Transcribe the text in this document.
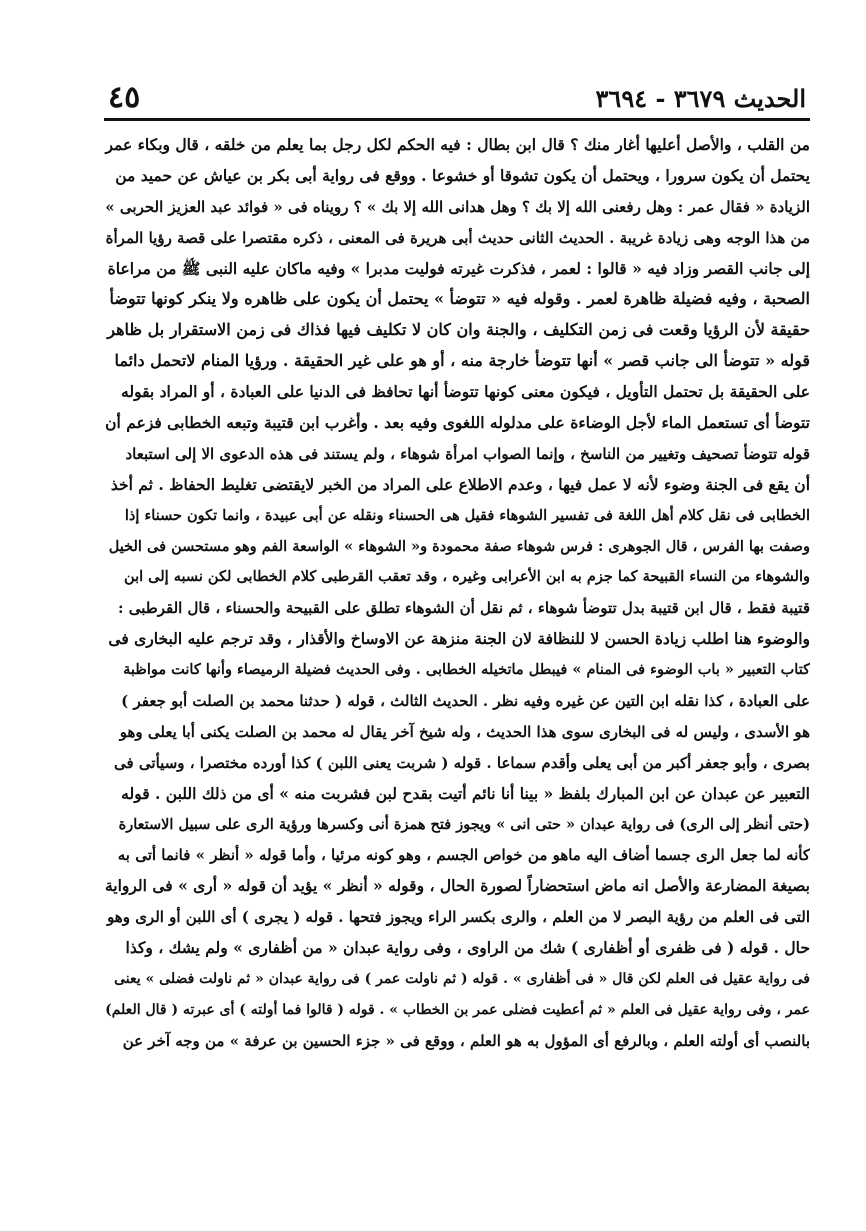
٤٥	الحديث ٣٦٧٩ - ٣٦٩٤
من القلب ، والأصل أعليها أغار منك ؟ قال ابن بطال : فيه الحكم لكل رجل بما يعلم من خلقه ، قال وبكاء عمر
يحتمل أن يكون سرورا ، ويحتمل أن يكون تشوقا أو خشوعا . ووقع فى رواية أبى بكر بن عياش عن حميد من
الزيادة « فقال عمر : وهل رفعنى الله إلا بك ؟ وهل هدانى الله إلا بك » ؟ رويناه فى « فوائد عبد العزيز الحربى »
من هذا الوجه وهى زيادة غريبة . الحديث الثانى حديث أبى هريرة فى المعنى ، ذكره مقتصرا على قصة رؤيا المرأة
إلى جانب القصر وزاد فيه « قالوا : لعمر ، فذكرت غيرته فوليت مدبرا » وفيه ماكان عليه النبى ﷺ من مراعاة
الصحبة ، وفيه فضيلة ظاهرة لعمر . وقوله فيه « تتوضأ » يحتمل أن يكون على ظاهره ولا ينكر كونها تتوضأ
حقيقة لأن الرؤيا وقعت فى زمن التكليف ، والجنة وان كان لا تكليف فيها فذاك فى زمن الاستقرار بل ظاهر
قوله « تتوضأ الى جانب قصر » أنها تتوضأ خارجة منه ، أو هو على غير الحقيقة . ورؤيا المنام لاتحمل دائما
على الحقيقة بل تحتمل التأويل ، فيكون معنى كونها تتوضأ أنها تحافظ فى الدنيا على العبادة ، أو المراد بقوله
تتوضأ أى تستعمل الماء لأجل الوضاءة على مدلوله اللغوى وفيه بعد . وأغرب ابن قتيبة وتبعه الخطابى فزعم أن
قوله تتوضأ تصحيف وتغيير من الناسخ ، وإنما الصواب امرأة شوهاء ، ولم يستند فى هذه الدعوى الا إلى استبعاد
أن يقع فى الجنة وضوء لأنه لا عمل فيها ، وعدم الاطلاع على المراد من الخبر لايقتضى تغليط الحفاظ . ثم أخذ
الخطابى فى نقل كلام أهل اللغة فى تفسير الشوهاء فقيل هى الحسناء ونقله عن أبى عبيدة ، وانما تكون حسناء إذا
وصفت بها الفرس ، قال الجوهرى : فرس شوهاء صفة محمودة و« الشوهاء » الواسعة الفم وهو مستحسن فى الخيل
والشوهاء من النساء القبيحة كما جزم به ابن الأعرابى وغيره ، وقد تعقب القرطبى كلام الخطابى لكن نسبه إلى ابن
قتيبة فقط ، قال ابن قتيبة بدل تتوضأ شوهاء ، ثم نقل أن الشوهاء تطلق على القبيحة والحسناء ، قال القرطبى :
والوضوء هنا اطلب زيادة الحسن لا للنظافة لان الجنة منزهة عن الاوساخ والأقذار ، وقد ترجم عليه البخارى فى
كتاب التعبير « باب الوضوء فى المنام » فيبطل ماتخيله الخطابى . وفى الحديث فضيلة الرميصاء وأنها كانت مواظبة
على العبادة ، كذا نقله ابن التين عن غيره وفيه نظر . الحديث الثالث ، قوله ( حدثنا محمد بن الصلت أبو جعفر )
هو الأسدى ، وليس له فى البخارى سوى هذا الحديث ، وله شيخ آخر يقال له محمد بن الصلت يكنى أبا يعلى وهو
بصرى ، وأبو جعفر أكبر من أبى يعلى وأقدم سماعا . قوله ( شربت يعنى اللبن ) كذا أورده مختصرا ، وسيأتى فى
التعبير عن عبدان عن ابن المبارك بلفظ « بينا أنا نائم أتيت بقدح لبن فشربت منه » أى من ذلك اللبن . قوله
(حتى أنظر إلى الرى) فى رواية عبدان « حتى انى » ويجوز فتح همزة أنى وكسرها ورؤية الرى على سبيل الاستعارة
كأنه لما جعل الرى جسما أضاف اليه ماهو من خواص الجسم ، وهو كونه مرئيا ، وأما قوله « أنظر » فانما أتى به
بصيغة المضارعة والأصل انه ماض استحضاراً لصورة الحال ، وقوله « أنظر » يؤيد أن قوله « أرى » فى الرواية
التى فى العلم من رؤية البصر لا من العلم ، والرى بكسر الراء ويجوز فتحها . قوله ( يجرى ) أى اللبن أو الرى وهو
حال . قوله ( فى ظفرى أو أظفارى ) شك من الراوى ، وفى رواية عبدان « من أظفارى » ولم يشك ، وكذا
فى رواية عقيل فى العلم لكن قال « فى أظفارى » . قوله ( ثم ناولت عمر ) فى رواية عبدان « ثم ناولت فضلى » يعنى
عمر ، وفى رواية عقيل فى العلم « ثم أعطيت فضلى عمر بن الخطاب » . قوله ( قالوا فما أولته ) أى عبرته ( قال العلم)
بالنصب أى أولته العلم ، وبالرفع أى المؤول به هو العلم ، ووقع فى « جزء الحسين بن عرفة » من وجه آخر عن
